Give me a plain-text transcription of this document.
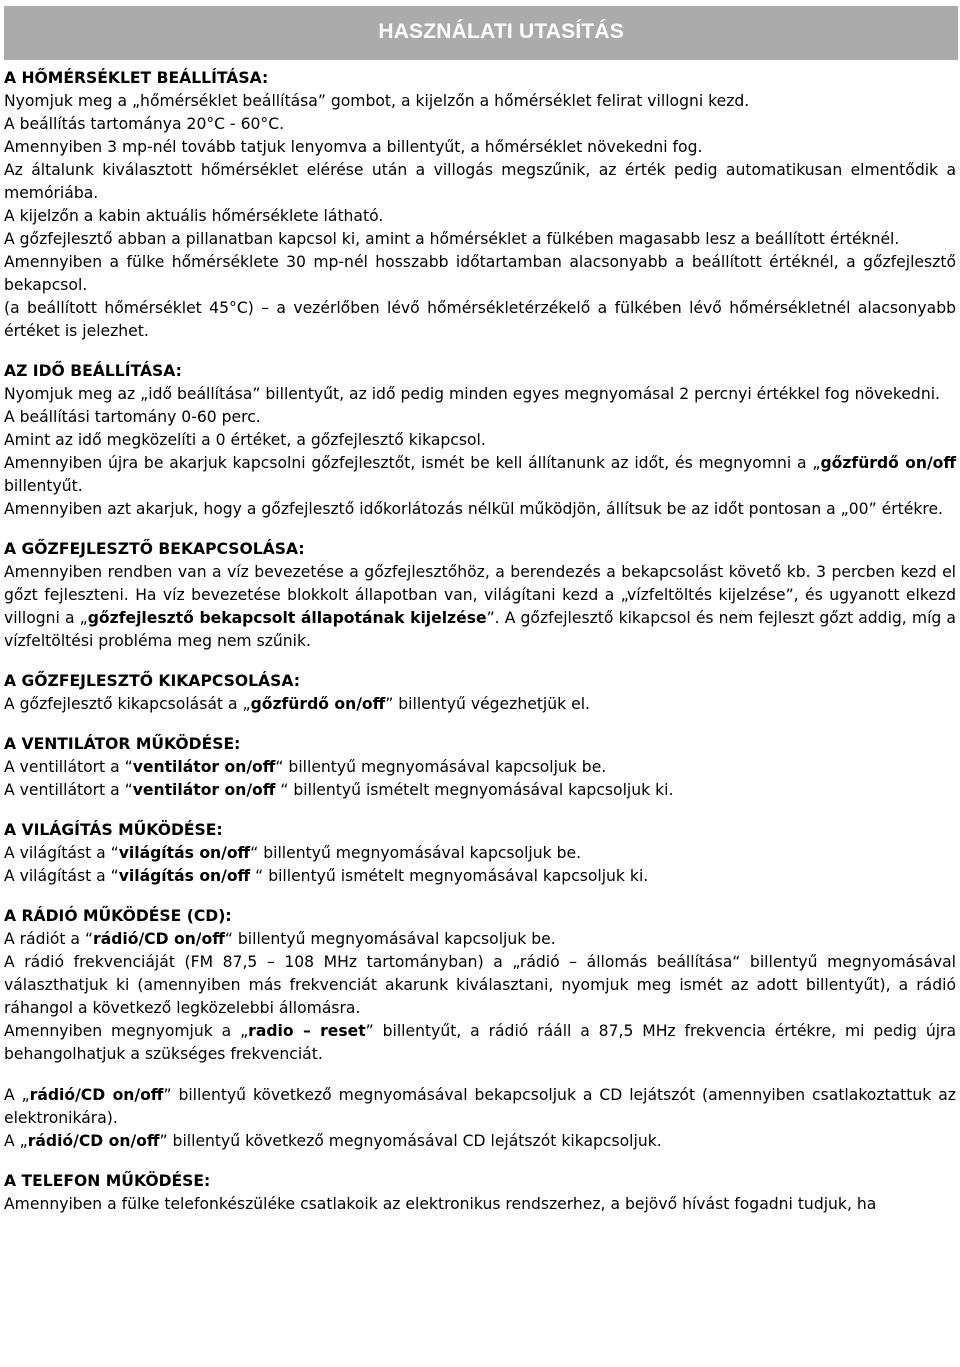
HASZNÁLATI UTASÍTÁS
A HŐMÉRSÉKLET BEÁLLÍTÁSA:
Nyomjuk meg a „hőmérséklet beállítása” gombot, a kijelzőn a hőmérséklet felirat villogni kezd.
A beállítás tartománya 20°C - 60°C.
Amennyiben 3 mp-nél tovább tatjuk lenyomva a billentyűt, a hőmérséklet növekedni fog.
Az általunk kiválasztott hőmérséklet elérése után a villogás megszűnik, az érték pedig automatikusan elmentődik a memóriába.
A kijelzőn a kabin aktuális hőmérséklete látható.
A gőzfejlesztő abban a pillanatban kapcsol ki, amint a hőmérséklet a fülkében magasabb lesz a beállított értéknél.
Amennyiben a fülke hőmérséklete 30 mp-nél hosszabb időtartamban alacsonyabb a beállított értéknél, a gőzfejlesztő bekapcsol.
(a beállított hőmérséklet 45°C) – a vezérlőben lévő hőmérsékletérzékelő a fülkében lévő hőmérsékletnél alacsonyabb értéket is jelezhet.
AZ IDŐ BEÁLLÍTÁSA:
Nyomjuk meg az „idő beállítása” billentyűt, az idő pedig minden egyes megnyomásal 2 percnyi értékkel fog növekedni.
A beállítási tartomány 0-60 perc.
Amint az idő megközelíti a 0 értéket, a gőzfejlesztő kikapcsol.
Amennyiben újra be akarjuk kapcsolni gőzfejlesztőt, ismét be kell állítanunk az időt, és megnyomni a „gőzfürdő on/off billentyűt.
Amennyiben azt akarjuk, hogy a gőzfejlesztő időkorlátozás nélkül működjön, állítsuk be az időt pontosan a „00” értékre.
A GŐZFEJLESZTŐ BEKAPCSOLÁSA:
Amennyiben rendben van a víz bevezetése a gőzfejlesztőhöz, a berendezés a bekapcsolást követő kb. 3 percben kezd el gőzt fejleszteni. Ha víz bevezetése blokkolt állapotban van, világítani kezd a „vízfeltöltés kijelzése”, és ugyanott elkezd villogni a „gőzfejlesztő bekapcsolt állapotának kijelzése”. A gőzfejlesztő kikapcsol és nem fejleszt gőzt addig, míg a vízfeltöltési probléma meg nem szűnik.
A GŐZFEJLESZTŐ KIKAPCSOLÁSA:
A gőzfejlesztő kikapcsolását a „gőzfürdő on/off” billentyű végezhetjük el.
A VENTILÁTOR MŰKÖDÉSE:
A ventillátort a “ventilátor on/off“ billentyű megnyomásával kapcsoljuk be.
A ventillátort a “ventilátor on/off “ billentyű ismételt megnyomásával kapcsoljuk ki.
A VILÁGÍTÁS MŰKÖDÉSE:
A világítást a “világítás on/off“ billentyű megnyomásával kapcsoljuk be.
A világítást a “világítás on/off “ billentyű ismételt megnyomásával kapcsoljuk ki.
A RÁDIÓ MŰKÖDÉSE (CD):
A rádiót a “rádió/CD on/off“ billentyű megnyomásával kapcsoljuk be.
A rádió frekvenciáját (FM 87,5 – 108 MHz tartományban) a „rádió – állomás beállítása“ billentyű megnyomásával választhatjuk ki (amennyiben más frekvenciát akarunk kiválasztani, nyomjuk meg ismét az adott billentyűt), a rádió ráhangol a következő legközelebbi állomásra.
Amennyiben megnyomjuk a „radio – reset” billentyűt, a rádió rááll a 87,5 MHz frekvencia értékre, mi pedig újra behangolhatjuk a szükséges frekvenciát.
A „rádió/CD on/off” billentyű következő megnyomásával bekapcsoljuk a CD lejátszót (amennyiben csatlakoztattuk az elektronikára).
A „rádió/CD on/off” billentyű következő megnyomásával CD lejátszót kikapcsoljuk.
A TELEFON MŰKÖDÉSE:
Amennyiben a fülke telefonkészüléke csatlakoik az elektronikus rendszerhez, a bejövő hívást fogadni tudjuk, ha
